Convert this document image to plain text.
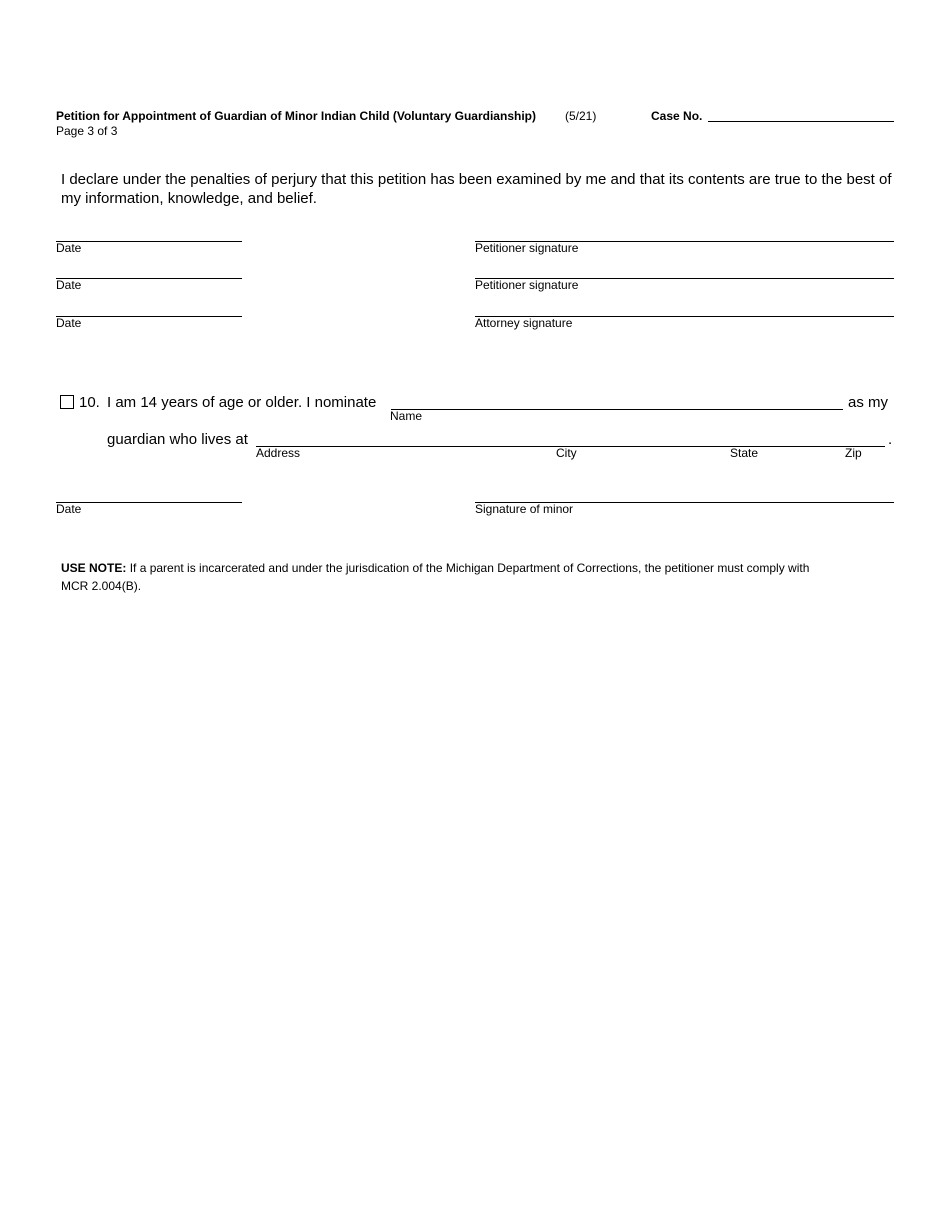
Petition for Appointment of Guardian of Minor Indian Child (Voluntary Guardianship) (5/21)
Page 3 of 3
Case No.
I declare under the penalties of perjury that this petition has been examined by me and that its contents are true to the best of my information, knowledge, and belief.
Date	Petitioner signature
Date	Petitioner signature
Date	Attorney signature
10. I am 14 years of age or older. I nominate
Name
as my
guardian who lives at	.
Address	City	State	Zip
Date	Signature of minor
USE NOTE: If a parent is incarcerated and under the jurisdication of the Michigan Department of Corrections, the petitioner must comply with
MCR 2.004(B).
